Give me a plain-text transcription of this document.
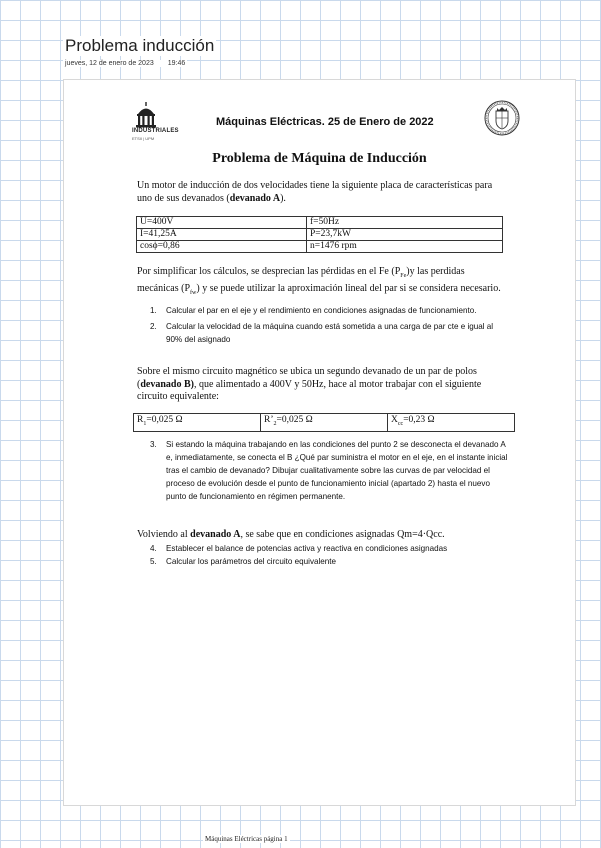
Problema inducción
jueves, 12 de enero de 2023 19:46
INDUSTRIALES
ETSII | UPM
Máquinas Eléctricas. 25 de Enero de 2022
Problema de Máquina de Inducción
Un motor de inducción de dos velocidades tiene la siguiente placa de características para uno de sus devanados (devanado A).
U=400V	f=50Hz
I=41,25A	P=23,7kW
cosϕ=0,86	n=1476 rpm
Por simplificar los cálculos, se desprecian las pérdidas en el Fe $(P_{Fe})y$ las perdidas mecánicas $(P_{fw})$ y se puede utilizar la aproximación lineal del par si se considera necesario.
1. Calcular el par en el eje y el rendimiento en condiciones asignadas de funcionamiento.
2. Calcular la velocidad de la máquina cuando está sometida a una carga de par cte e igual al 90% del asignado
Sobre el mismo circuito magnético se ubica un segundo devanado de un par de polos (devanado B), que alimentado a 400V y 50Hz, hace al motor trabajar con el siguiente circuito equivalente:
$R_1=0,025$ Ω	$R’_2=0,025$ Ω	$X_{cc}=0,23$ Ω
3. Si estando la máquina trabajando en las condiciones del punto 2 se desconecta el devanado A e, inmediatamente, se conecta el B ¿Qué par suministra el motor en el eje, en el instante inicial tras el cambio de devanado? Dibujar cualitativamente sobre las curvas de par velocidad el proceso de evolución desde el punto de funcionamiento inicial (apartado 2) hasta el nuevo punto de funcionamiento en régimen permanente.
Volviendo al devanado A, se sabe que en condiciones asignadas Qm=4·Qcc.
4. Establecer el balance de potencias activa y reactiva en condiciones asignadas
5. Calcular los parámetros del circuito equivalente
Máquinas Eléctricas página 1
